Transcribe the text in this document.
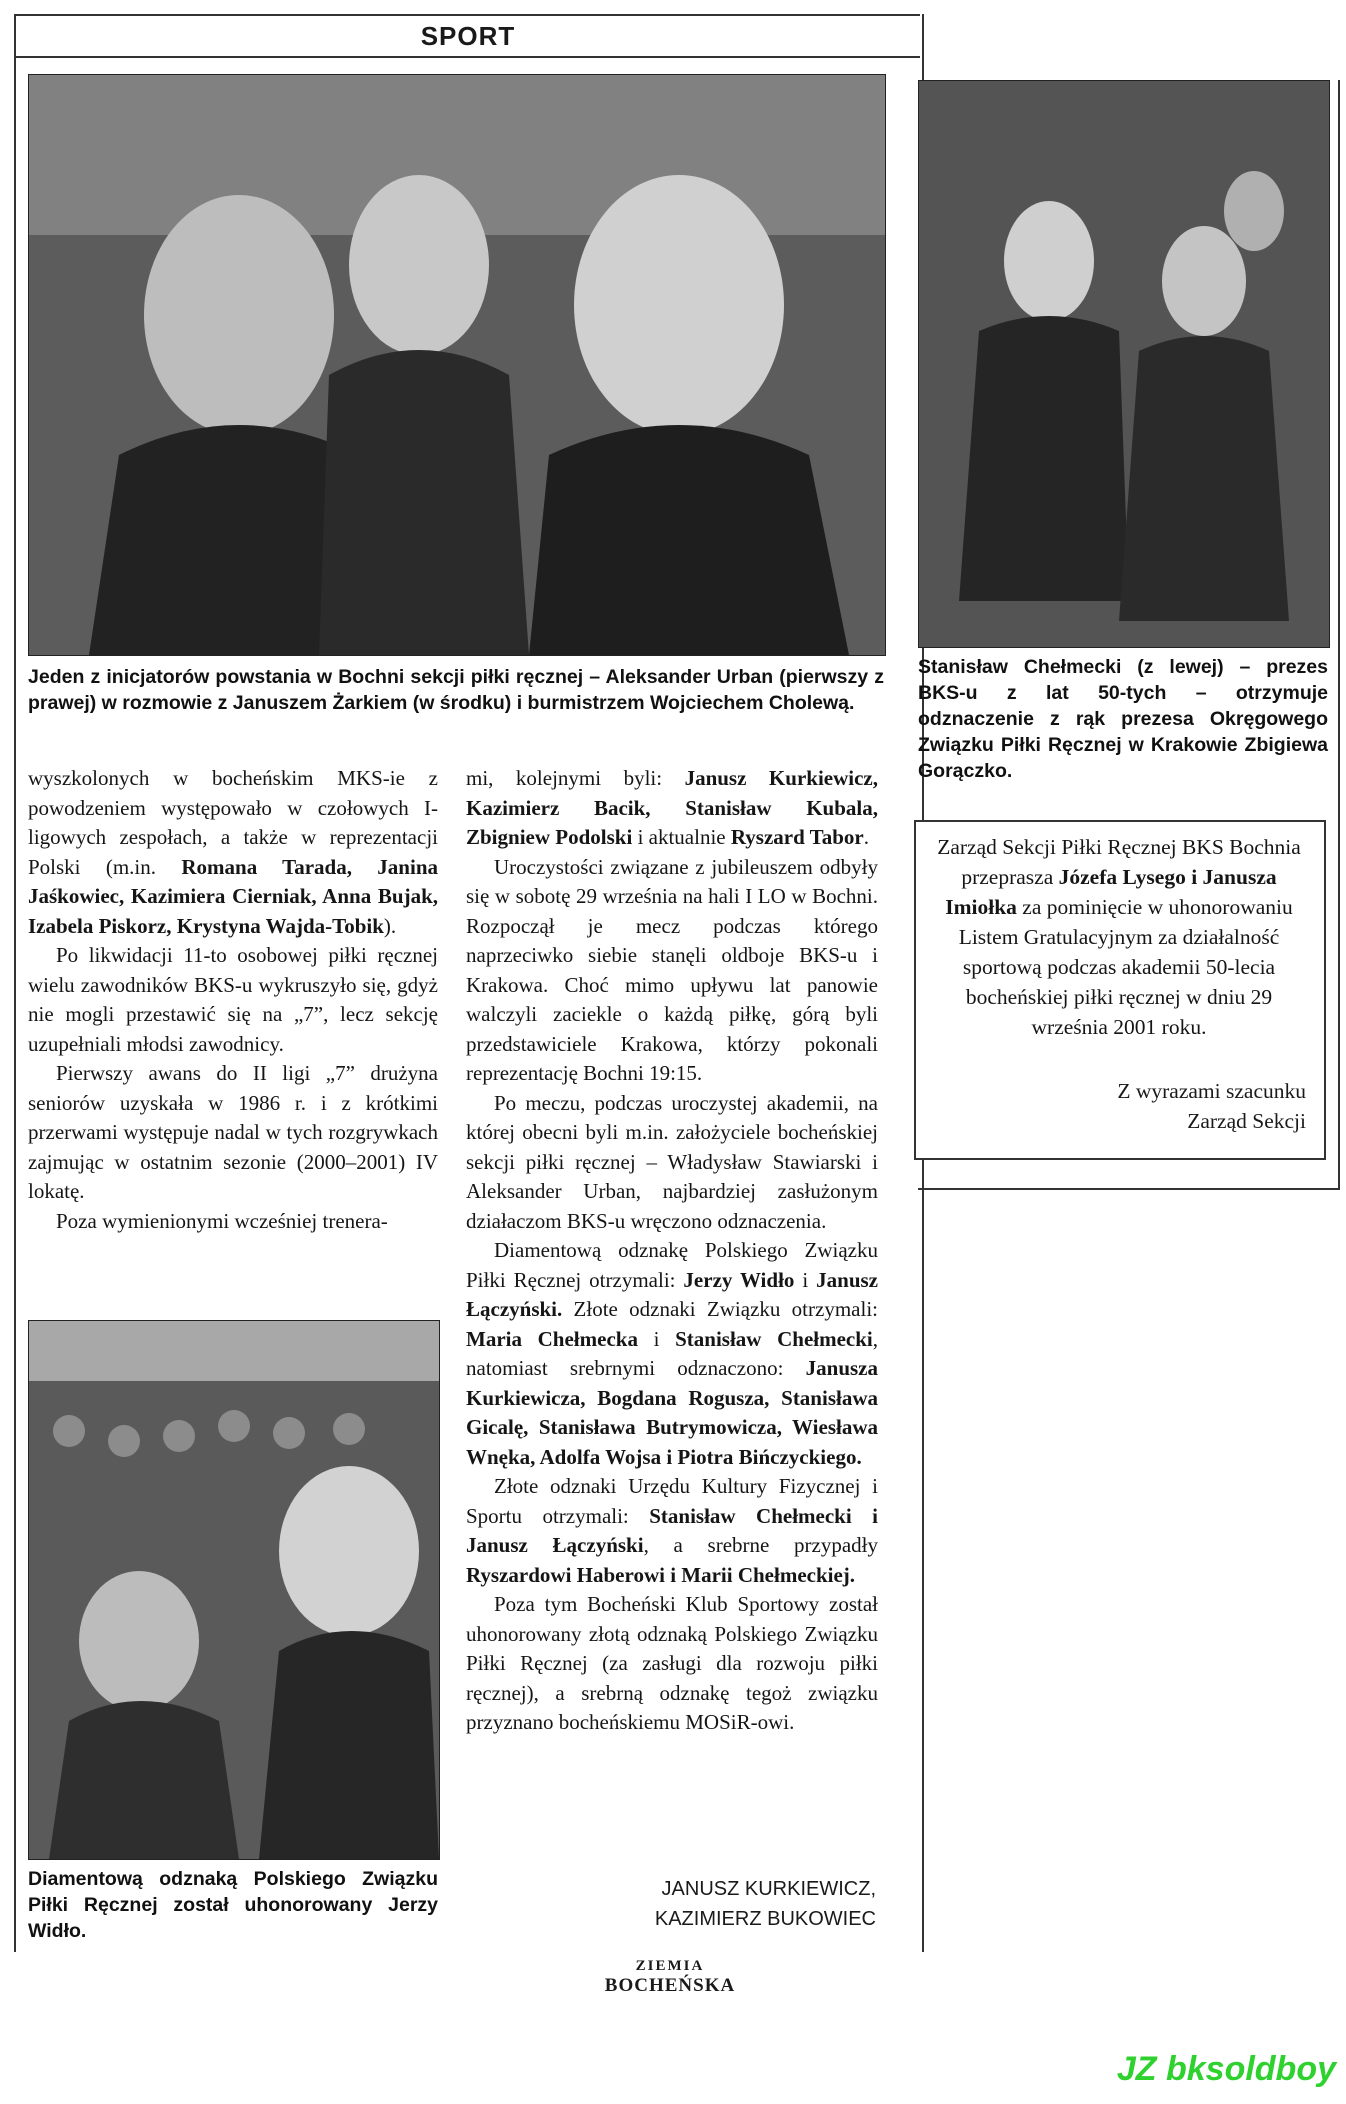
SPORT
Jeden z inicjatorów powstania w Bochni sekcji piłki ręcznej – Aleksander Urban (pierwszy z prawej) w rozmowie z Januszem Żarkiem (w środku) i burmistrzem Wojciechem Cholewą.
Stanisław Chełmecki (z lewej) – prezes BKS-u z lat 50-tych – otrzymuje odznaczenie z rąk prezesa Okręgowego Związku Piłki Ręcznej w Krakowie Zbigiewa Gorączko.

wyszkolonych w bocheńskim MKS-ie z powodzeniem występowało w czołowych I-ligowych zespołach, a także w reprezentacji Polski (m.in. Romana Tarada, Janina Jaśkowiec, Kazimiera Cierniak, Anna Bujak, Izabela Piskorz, Krystyna Wajda-Tobik).

Po likwidacji 11-to osobowej piłki ręcznej wielu zawodników BKS-u wykruszyło się, gdyż nie mogli przestawić się na „7”, lecz sekcję uzupełniali młodsi zawodnicy.

Pierwszy awans do II ligi „7” drużyna seniorów uzyskała w 1986 r. i z krótkimi przerwami występuje nadal w tych rozgrywkach zajmując w ostatnim sezonie (2000–2001) IV lokatę.

Poza wymienionymi wcześniej trenera-

Diamentową odznaką Polskiego Związku Piłki Ręcznej został uhonorowany Jerzy Widło.

mi, kolejnymi byli: Janusz Kurkiewicz, Kazimierz Bacik, Stanisław Kubala, Zbigniew Podolski i aktualnie Ryszard Tabor.

Uroczystości związane z jubileuszem odbyły się w sobotę 29 września na hali I LO w Bochni. Rozpoczął je mecz podczas którego naprzeciwko siebie stanęli oldboje BKS-u i Krakowa. Choć mimo upływu lat panowie walczyli zaciekle o każdą piłkę, górą byli przedstawiciele Krakowa, którzy pokonali reprezentację Bochni 19:15.

Po meczu, podczas uroczystej akademii, na której obecni byli m.in. założyciele bocheńskiej sekcji piłki ręcznej – Władysław Stawiarski i Aleksander Urban, najbardziej zasłużonym działaczom BKS-u wręczono odznaczenia.

Diamentową odznakę Polskiego Związku Piłki Ręcznej otrzymali: Jerzy Widło i Janusz Łączyński. Złote odznaki Związku otrzymali: Maria Chełmecka i Stanisław Chełmecki, natomiast srebrnymi odznaczono: Janusza Kurkiewicza, Bogdana Rogusza, Stanisława Gicalę, Stanisława Butrymowicza, Wiesława Wnęka, Adolfa Wojsa i Piotra Bińczyckiego.

Złote odznaki Urzędu Kultury Fizycznej i Sportu otrzymali: Stanisław Chełmecki i Janusz Łączyński, a srebrne przypadły Ryszardowi Haberowi i Marii Chełmeckiej.

Poza tym Bocheński Klub Sportowy został uhonorowany złotą odznaką Polskiego Związku Piłki Ręcznej (za zasługi dla rozwoju piłki ręcznej), a srebrną odznakę tegoż związku przyznano bocheńskiemu MOSiR-owi.

JANUSZ KURKIEWICZ,
KAZIMIERZ BUKOWIEC
Zarząd Sekcji Piłki Ręcznej BKS Bochnia przeprasza Józefa Lysego i Janusza Imiołka za pominięcie w uhonorowaniu Listem Gratulacyjnym za działalność sportową podczas akademii 50-lecia bocheńskiej piłki ręcznej w dniu 29 września 2001 roku.
Z wyrazami szacunku
Zarząd Sekcji
ZIEMIA
BOCHEŃSKA
JZ bksoldboy
